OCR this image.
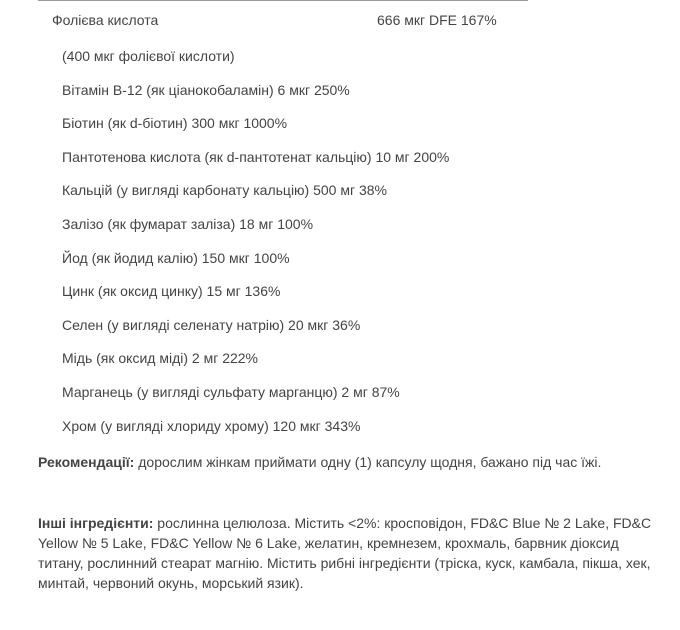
Фолієва кислота	666 мкг DFE 167%
(400 мкг фолієвої кислоти)
Вітамін B-12 (як ціанокобаламін) 6 мкг 250%
Біотин (як d-біотин) 300 мкг 1000%
Пантотенова кислота (як d-пантотенат кальцію) 10 мг 200%
Кальцій (у вигляді карбонату кальцію) 500 мг 38%
Залізо (як фумарат заліза) 18 мг 100%
Йод (як йодид калію) 150 мкг 100%
Цинк (як оксид цинку) 15 мг 136%
Селен (у вигляді селенату натрію) 20 мкг 36%
Мідь (як оксид міді) 2 мг 222%
Марганець (у вигляді сульфату марганцю) 2 мг 87%
Хром (у вигляді хлориду хрому) 120 мкг 343%
Рекомендації: дорослим жінкам приймати одну (1) капсулу щодня, бажано під час їжі.
Інші інгредієнти: рослинна целюлоза. Містить <2%: кросповідон, FD&C Blue № 2 Lake, FD&C Yellow № 5 Lake, FD&C Yellow № 6 Lake, желатин, кремнезем, крохмаль, барвник діоксид титану, рослинний стеарат магнію. Містить рибні інгредієнти (тріска, куск, камбала, пікша, хек, минтай, червоний окунь, морський язик).
